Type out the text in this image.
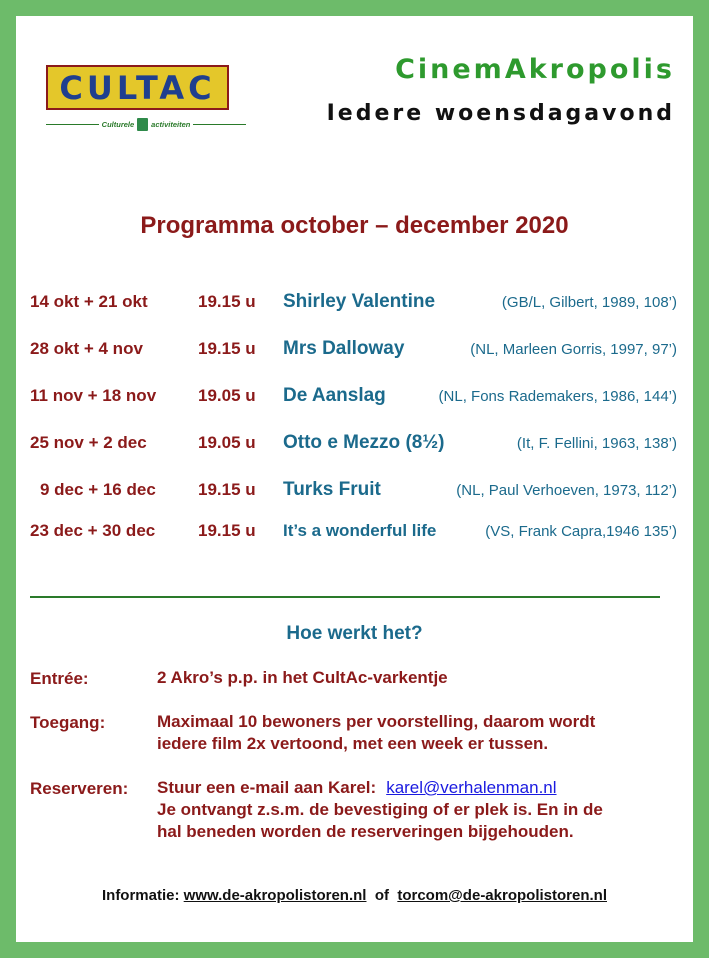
CULTAC
Culturele activiteiten
CinemAkropolis
Iedere woensdagavond
Programma october – december 2020
14 okt + 21 okt	19.15 u Shirley Valentine	(GB/L, Gilbert, 1989, 108’)
28 okt + 4 nov	19.15 u Mrs Dalloway	(NL, Marleen Gorris, 1997, 97’)
11 nov + 18 nov 19.05 u De Aanslag	(NL, Fons Rademakers, 1986, 144’)
25 nov + 2 dec	19.05 u Otto e Mezzo (8½)	(It, F. Fellini, 1963, 138’)
9 dec + 16 dec 19.15 u Turks Fruit	(NL, Paul Verhoeven, 1973, 112’)
23 dec + 30 dec	19.15 u It’s a wonderful life	(VS, Frank Capra,1946 135’)
Hoe werkt het?
Entrée:	2 Akro’s p.p. in het CultAc-varkentje
Toegang:	Maximaal 10 bewoners per voorstelling, daarom wordt
iedere film 2x vertoond, met een week er tussen.
Reserveren: Stuur een e-mail aan Karel: karel@verhalenman.nl
Je ontvangt z.s.m. de bevestiging of er plek is. En in de
hal beneden worden de reserveringen bijgehouden.
Informatie: www.de-akropolistoren.nl of torcom@de-akropolistoren.nl
